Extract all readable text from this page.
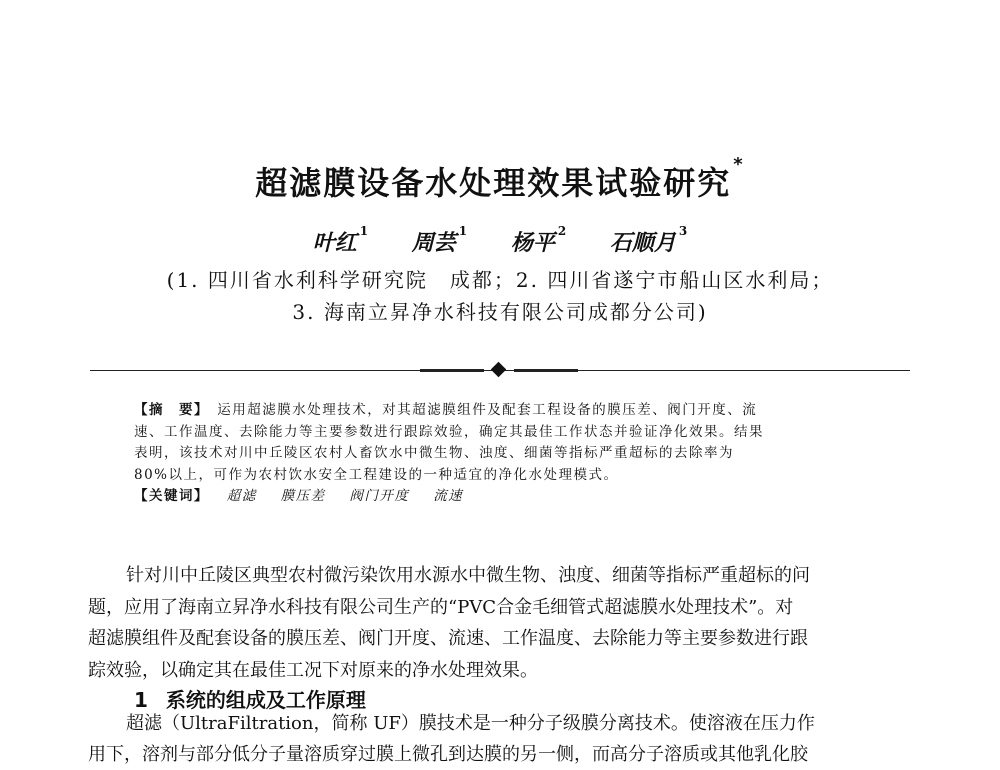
超滤膜设备水处理效果试验研究 *
叶红 $^1$ 周芸 $^1$ 杨平 $^2$ 石顺月 $^3$
(1. 四川省水利科学研究院　成都；2. 四川省遂宁市船山区水利局；
3. 海南立昇净水科技有限公司成都分公司)
【摘　要】　 运用超滤膜水处理技术，对其超滤膜组件及配套工程设备的膜压差、阀门开度、流
速、工作温度、去除能力等主要参数进行跟踪效验，确定其最佳工作状态并验证净化效果。结果
表明，该技术对川中丘陵区农村人畜饮水中微生物、浊度、细菌等指标严重超标的去除率为
80%以上，可作为农村饮水安全工程建设的一种适宜的净化水处理模式。
【关键词】 超滤 膜压差 阀门开度 流速
针对川中丘陵区典型农村微污染饮用水源水中微生物、浊度、细菌等指标严重超标的问
题，应用了海南立昇净水科技有限公司生产的“PVC合金毛细管式超滤膜水处理技术”。对
超滤膜组件及配套设备的膜压差、阀门开度、流速、工作温度、去除能力等主要参数进行跟
踪效验，以确定其在最佳工况下对原来的净水处理效果。
1 系统的组成及工作原理
超滤（UltraFiltration，简称 UF）膜技术是一种分子级膜分离技术。使溶液在压力作
用下，溶剂与部分低分子量溶质穿过膜上微孔到达膜的另一侧，而高分子溶质或其他乳化胶
